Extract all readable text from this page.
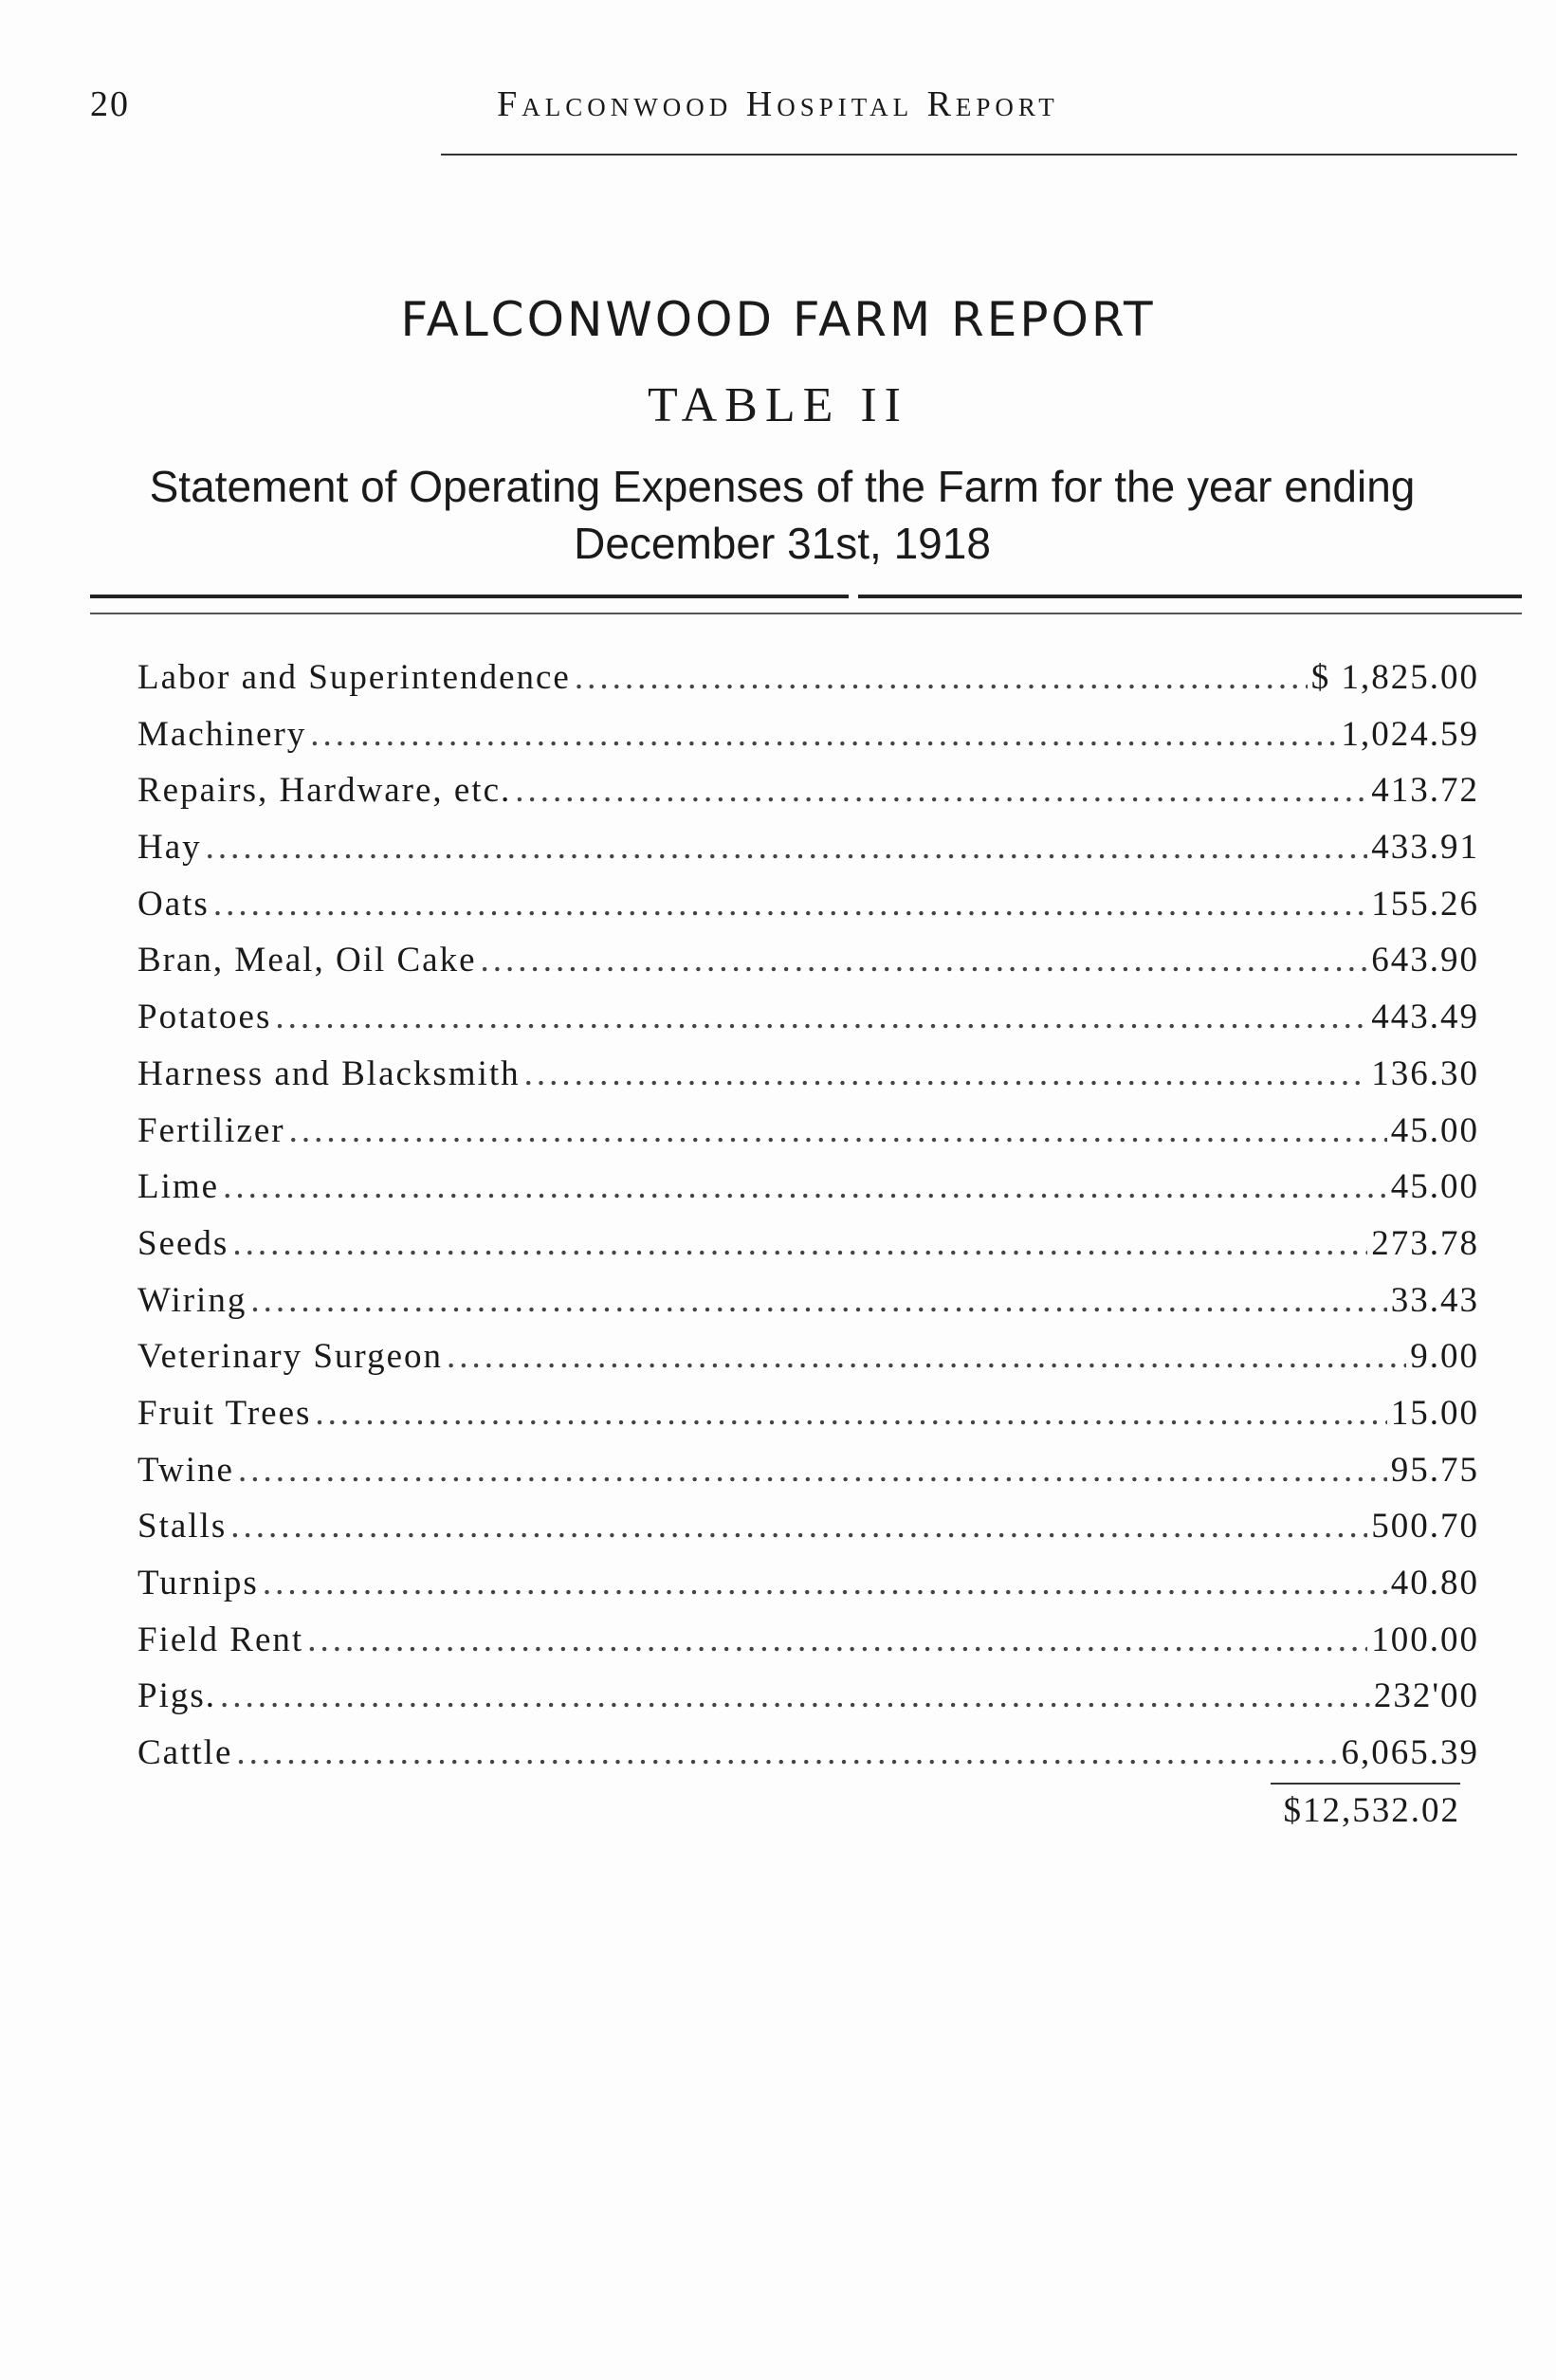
20	Falconwood Hospital Report
FALCONWOOD FARM REPORT
TABLE II
Statement of Operating Expenses of the Farm for the year ending
December 31st, 1918
Labor and Superintendence .....	$ 1,825.00
Machinery .....	1,024.59
Repairs, Hardware, etc. .....	413.72
Hay .....	433.91
Oats .....	155.26
Bran, Meal, Oil Cake .....	643.90
Potatoes .....	443.49
Harness and Blacksmith .....	136.30
Fertilizer .....	45.00
Lime .....	45.00
Seeds .....	273.78
Wiring .....	33.43
Veterinary Surgeon .....	9.00
Fruit Trees .....	15.00
Twine .....	95.75
Stalls .....	500.70
Turnips .....	40.80
Field Rent .....	100.00
Pigs. .....	232'00
Cattle .....	6,065.39
$12,532.02
